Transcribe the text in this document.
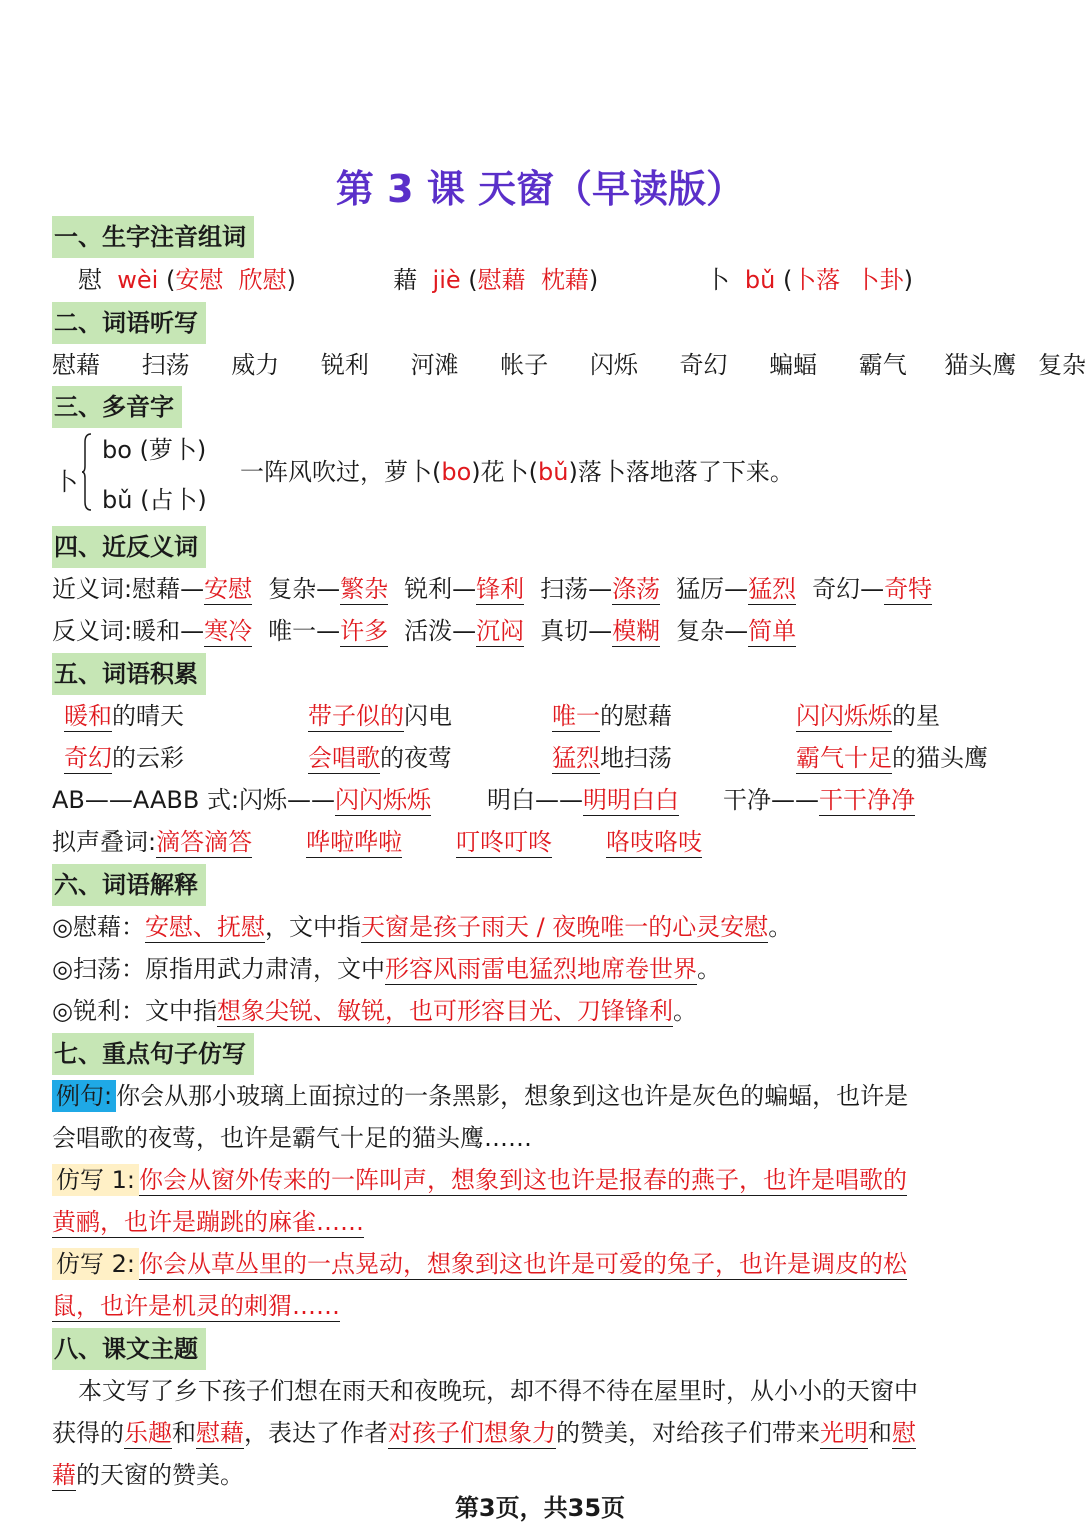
第 3 课 天窗（早读版）
一、生字注音组词
慰 wèi (安慰 欣慰)	藉 jiè (慰藉 枕藉)	卜 bǔ (卜落 卜卦)
二、词语听写
慰藉 扫荡 威力 锐利 河滩 帐子 闪烁 奇幻 蝙蝠 霸气 猫头鹰 复杂
三、多音字
卜
bo (萝卜)
bǔ (占卜)
一阵风吹过，萝卜(bo)花卜(bǔ)落卜落地落了下来。
四、近反义词
近义词:慰藉—安慰 复杂—繁杂 锐利—锋利 扫荡—涤荡 猛厉—猛烈 奇幻—奇特
反义词:暖和—寒冷 唯一—许多 活泼—沉闷 真切—模糊 复杂—简单
五、词语积累
暖和的晴天	带子似的闪电	唯一的慰藉	闪闪烁烁的星
奇幻的云彩	会唱歌的夜莺	猛烈地扫荡	霸气十足的猫头鹰
AB——AABB 式:闪烁——闪闪烁烁 明白——明明白白 干净——干干净净
拟声叠词:滴答滴答 哗啦哗啦 叮咚叮咚 咯吱咯吱
六、词语解释
◎慰藉：安慰、抚慰，文中指天窗是孩子雨天 / 夜晚唯一的心灵安慰。
◎扫荡：原指用武力肃清，文中形容风雨雷电猛烈地席卷世界。
◎锐利：文中指想象尖锐、敏锐，也可形容目光、刀锋锋利。
七、重点句子仿写
例句: 你会从那小玻璃上面掠过的一条黑影，想象到这也许是灰色的蝙蝠，也许是
会唱歌的夜莺，也许是霸气十足的猫头鹰……
仿写 1: 你会从窗外传来的一阵叫声，想象到这也许是报春的燕子，也许是唱歌的
黄鹂，也许是蹦跳的麻雀……
仿写 2: 你会从草丛里的一点晃动，想象到这也许是可爱的兔子，也许是调皮的松
鼠，也许是机灵的刺猬……
八、课文主题
本文写了乡下孩子们想在雨天和夜晚玩，却不得不待在屋里时，从小小的天窗中
获得的乐趣和慰藉，表达了作者对孩子们想象力的赞美，对给孩子们带来光明和慰
藉的天窗的赞美。
第3页，共35页
